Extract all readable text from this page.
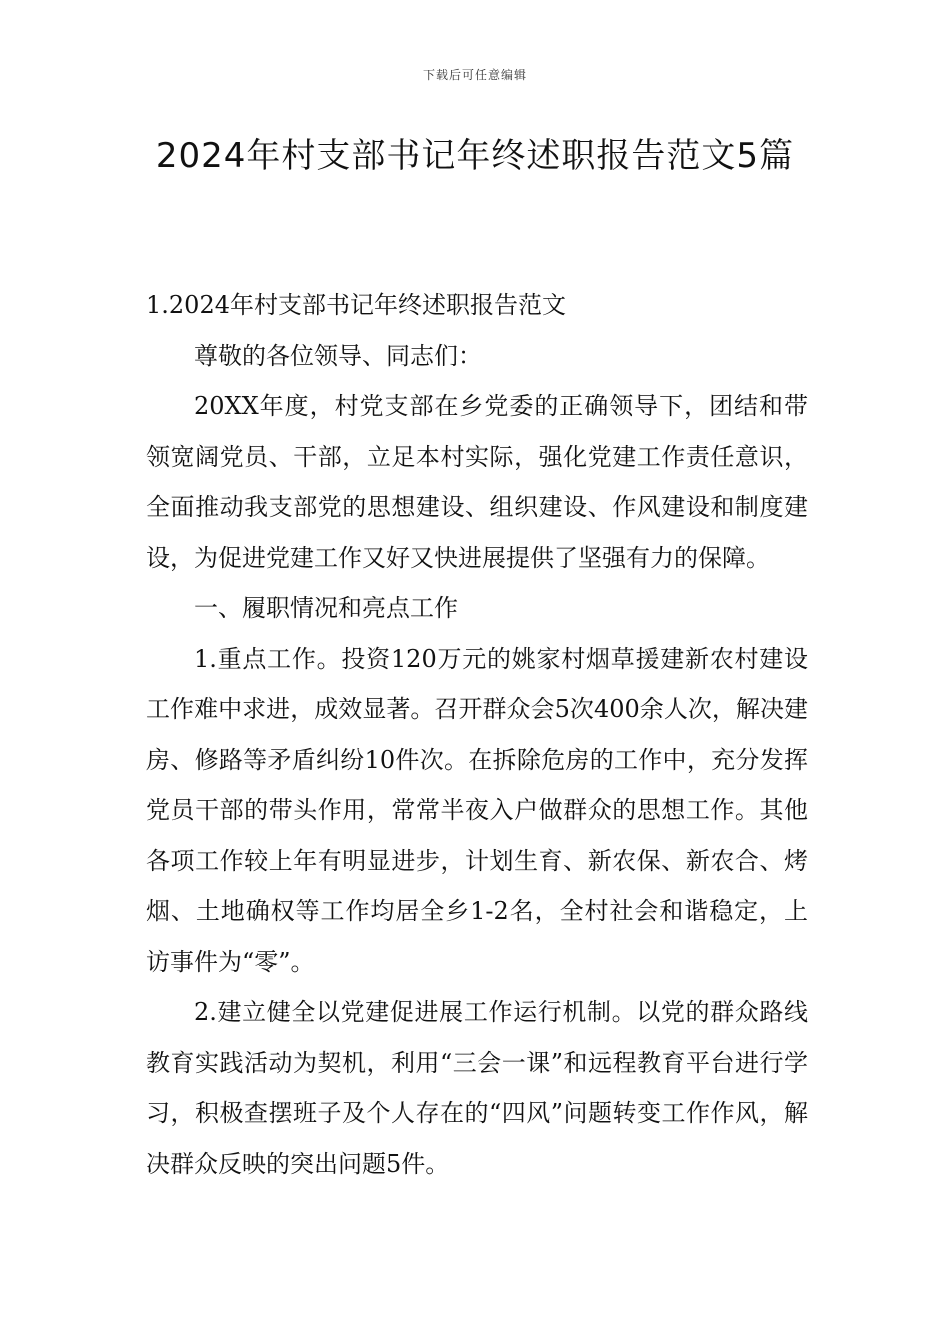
下载后可任意编辑
2024年村支部书记年终述职报告范文5篇

1.2024年村支部书记年终述职报告范文

尊敬的各位领导、同志们：

20XX年度，村党支部在乡党委的正确领导下，团结和带领宽阔党员、干部，立足本村实际，强化党建工作责任意识，全面推动我支部党的思想建设、组织建设、作风建设和制度建设，为促进党建工作又好又快进展提供了坚强有力的保障。

一、履职情况和亮点工作

1.重点工作。投资120万元的姚家村烟草援建新农村建设工作难中求进，成效显著。召开群众会5次400余人次，解决建房、修路等矛盾纠纷10件次。在拆除危房的工作中，充分发挥党员干部的带头作用，常常半夜入户做群众的思想工作。其他各项工作较上年有明显进步，计划生育、新农保、新农合、烤烟、土地确权等工作均居全乡1-2名，全村社会和谐稳定，上访事件为“零”。

2.建立健全以党建促进展工作运行机制。以党的群众路线教育实践活动为契机，利用“三会一课”和远程教育平台进行学习，积极查摆班子及个人存在的“四风”问题转变工作作风，解决群众反映的突出问题5件。
